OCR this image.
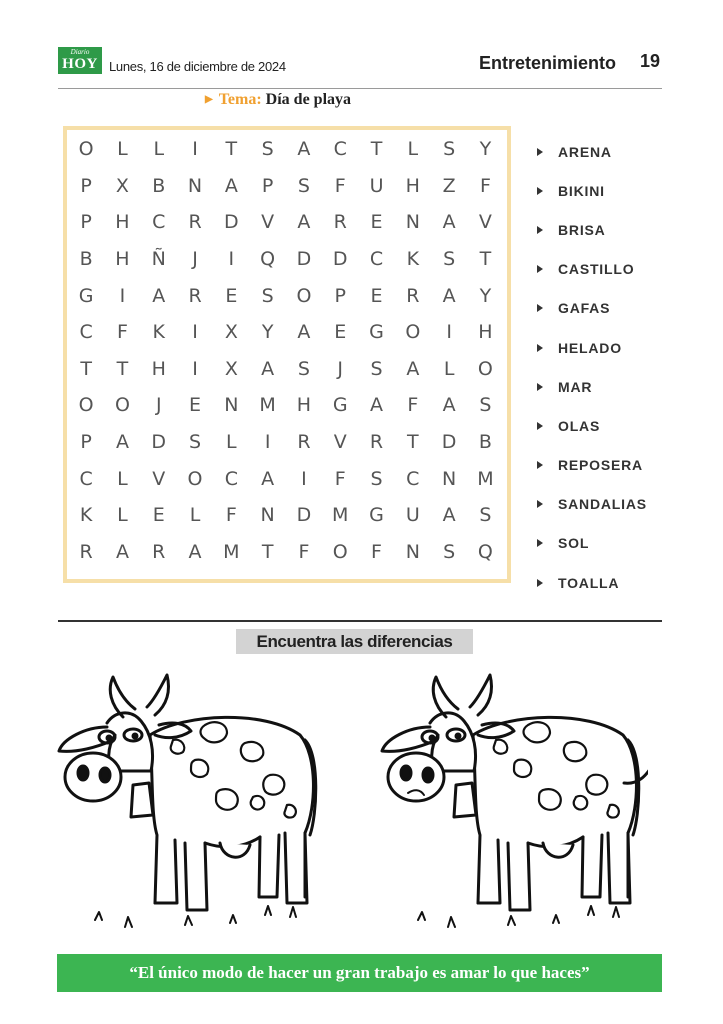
Diario
HOY Lunes, 16 de diciembre de 2024	Entretenimiento 19
▶ Tema: Día de playa
O	L	L	I	T	S	A	C	T	L	S	Y
P	X	B	N	A	P	S	F	U	H	Z	F
P	H	C	R	D	V	A	R	E	N	A	V
B	H	Ñ	J	I	Q	D	D	C	K	S	T
G	I	A	R	E	S	O	P	E	R	A	Y
C	F	K	I	X	Y	A	E	G	O	I	H
T	T	H	I	X	A	S	J	S	A	L	O
O	O	J	E	N	M	H	G	A	F	A	S
P	A	D	S	L	I	R	V	R	T	D	B
C	L	V	O	C	A	I	F	S	C	N	M
K	L	E	L	F	N	D	M	G	U	A	S
R	A	R	A	M	T	F	O	F	N	S	Q
ARENA
BIKINI
BRISA
CASTILLO
GAFAS
HELADO
MAR
OLAS
REPOSERA
SANDALIAS
SOL
TOALLA
Encuentra las diferencias
“El único modo de hacer un gran trabajo es amar lo que haces”
